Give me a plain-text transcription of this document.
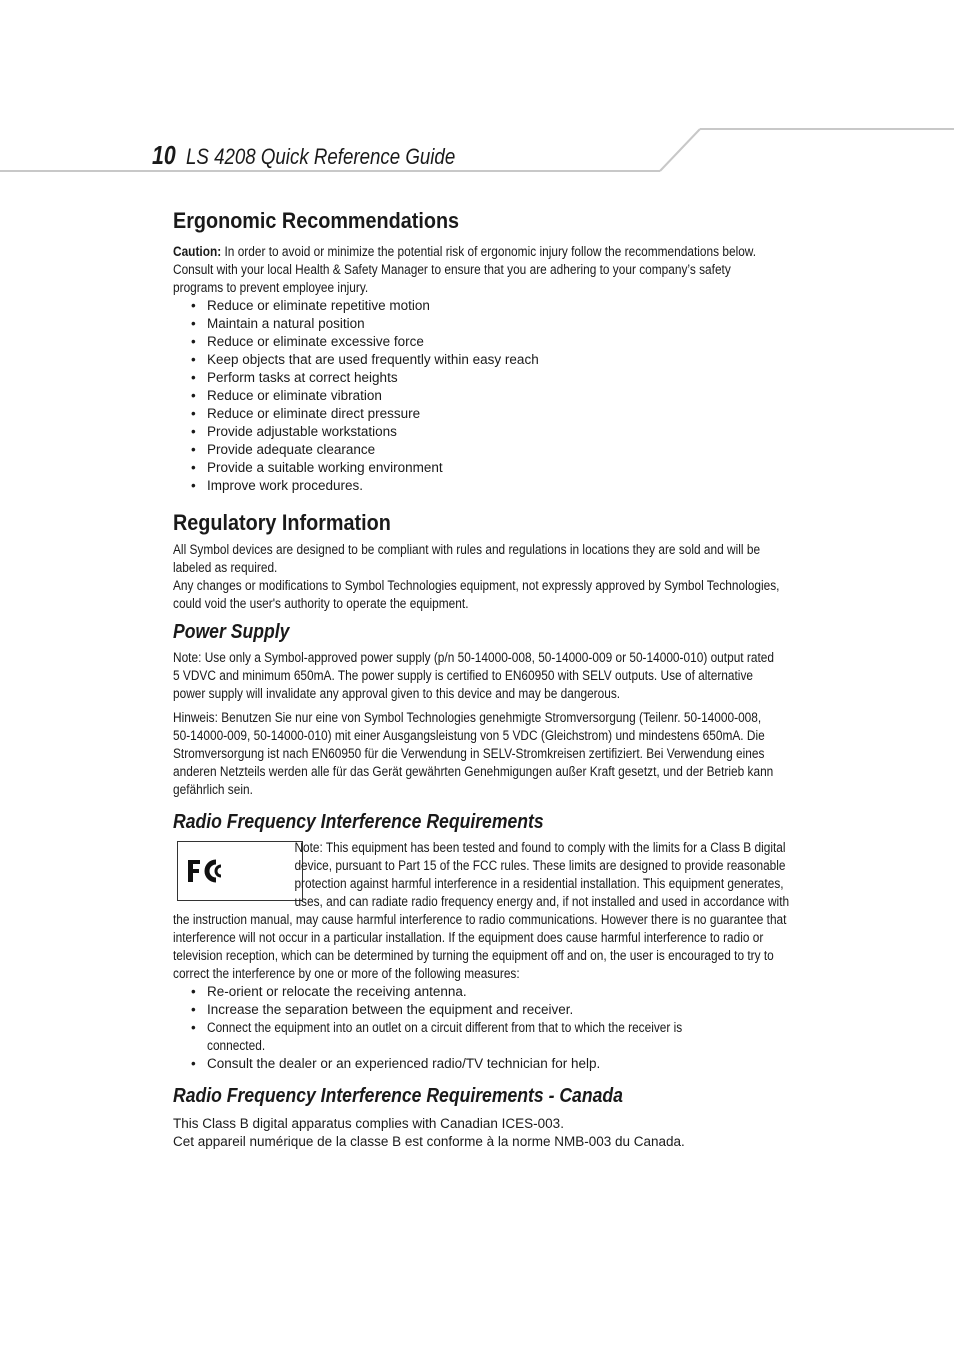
10 LS 4208 Quick Reference Guide
Ergonomic Recommendations

Caution: In order to avoid or minimize the potential risk of ergonomic injury follow the recommendations below. Consult with your local Health & Safety Manager to ensure that you are adhering to your company’s safety programs to prevent employee injury.

• Reduce or eliminate repetitive motion
• Maintain a natural position
• Reduce or eliminate excessive force
• Keep objects that are used frequently within easy reach
• Perform tasks at correct heights
• Reduce or eliminate vibration
• Reduce or eliminate direct pressure
• Provide adjustable workstations
• Provide adequate clearance
• Provide a suitable working environment
• Improve work procedures.
Regulatory Information

All Symbol devices are designed to be compliant with rules and regulations in locations they are sold and will be labeled as required.

Any changes or modifications to Symbol Technologies equipment, not expressly approved by Symbol Technologies, could void the user's authority to operate the equipment.

Power Supply

Note: Use only a Symbol-approved power supply (p/n 50-14000-008, 50-14000-009 or 50-14000-010) output rated 5 VDVC and minimum 650mA. The power supply is certified to EN60950 with SELV outputs. Use of alternative power supply will invalidate any approval given to this device and may be dangerous.

Hinweis: Benutzen Sie nur eine von Symbol Technologies genehmigte Stromversorgung (Teilenr. 50-14000-008, 50-14000-009, 50-14000-010) mit einer Ausgangsleistung von 5 VDC (Gleichstrom) und mindestens 650mA. Die Stromversorgung ist nach EN60950 für die Verwendung in SELV-Stromkreisen zertifiziert. Bei Verwendung eines anderen Netzteils werden alle für das Gerät gewährten Genehmigungen außer Kraft gesetzt, und der Betrieb kann gefährlich sein.

Radio Frequency Interference Requirements

Note: This equipment has been tested and found to comply with the limits for a Class B digital device, pursuant to Part 15 of the FCC rules. These limits are designed to provide reasonable protection against harmful interference in a residential installation. This equipment generates, uses, and can radiate radio frequency energy and, if not installed and used in accordance with the instruction manual, may cause harmful interference to radio communications. However there is no guarantee that interference will not occur in a particular installation. If the equipment does cause harmful interference to radio or television reception, which can be determined by turning the equipment off and on, the user is encouraged to try to correct the interference by one or more of the following measures:

• Re-orient or relocate the receiving antenna.
• Increase the separation between the equipment and receiver.
• Connect the equipment into an outlet on a circuit different from that to which the receiver is connected.
• Consult the dealer or an experienced radio/TV technician for help.
Radio Frequency Interference Requirements - Canada

This Class B digital apparatus complies with Canadian ICES-003.

Cet appareil numérique de la classe B est conforme à la norme NMB-003 du Canada.
